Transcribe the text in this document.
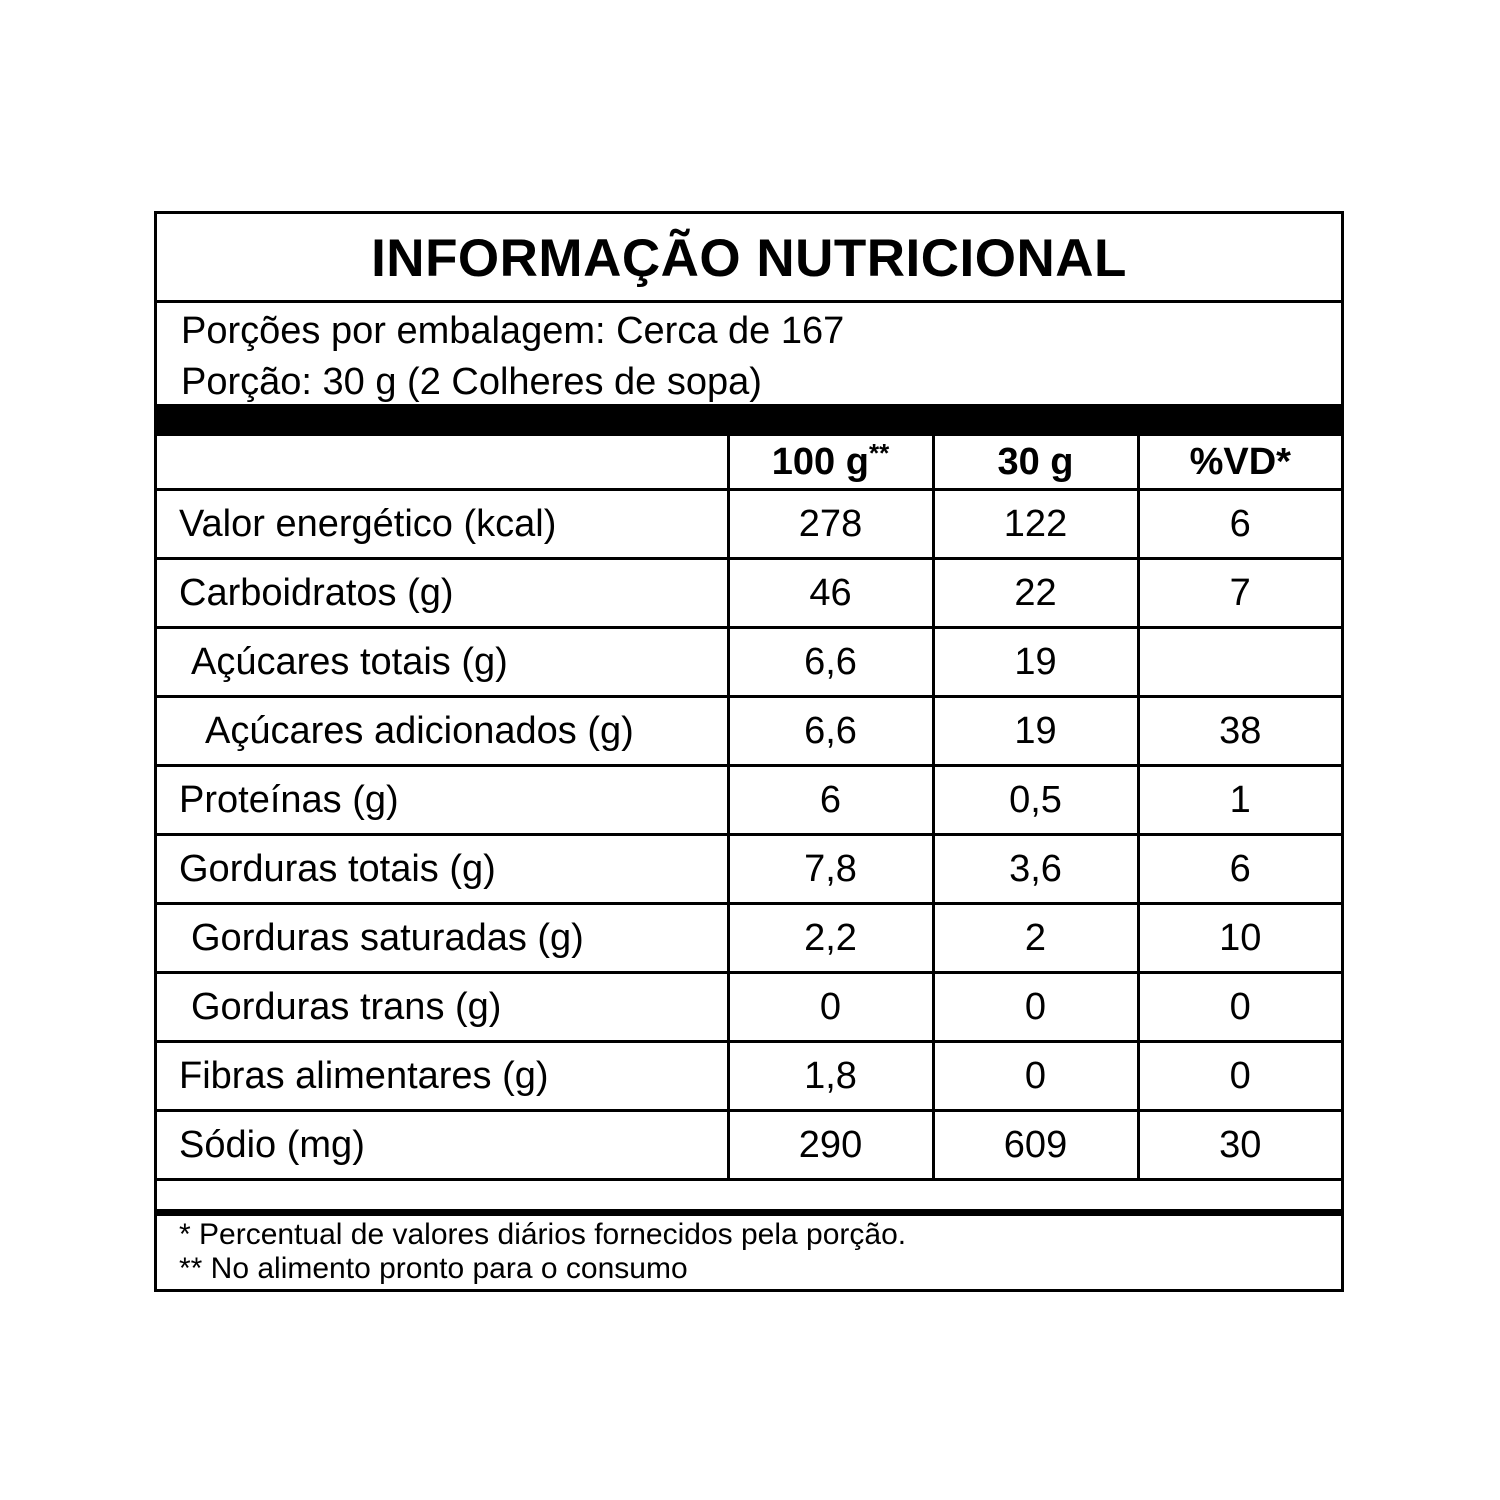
INFORMAÇÃO NUTRICIONAL
Porções por embalagem: Cerca de 167
Porção: 30 g (2 Colheres de sopa)
	100 g**	30 g	%VD*
Valor energético (kcal)	278	122	6
Carboidratos (g)	46	22	7
Açúcares totais (g)	6,6	19	
Açúcares adicionados (g)	6,6	19	38
Proteínas (g)	6	0,5	1
Gorduras totais (g)	7,8	3,6	6
Gorduras saturadas (g)	2,2	2	10
Gorduras trans (g)	0	0	0
Fibras alimentares (g)	1,8	0	0
Sódio (mg)	290	609	30
* Percentual de valores diários fornecidos pela porção.
** No alimento pronto para o consumo
